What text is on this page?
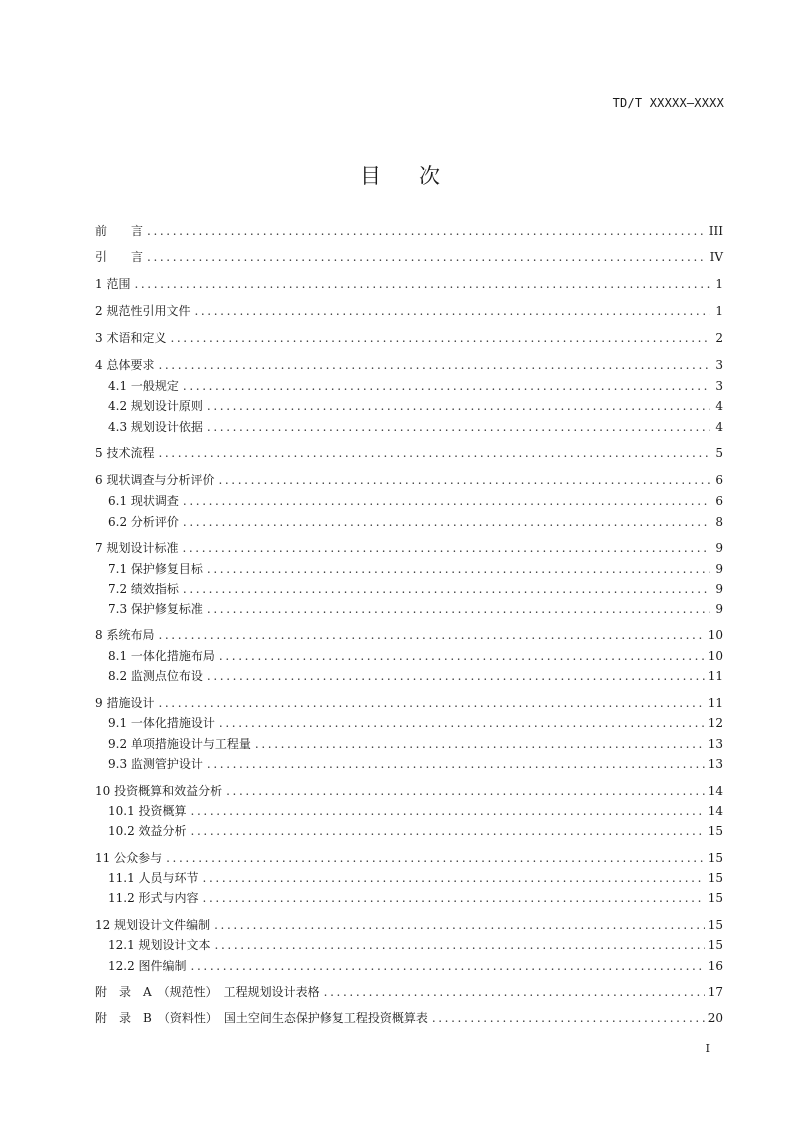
TD/T XXXXX—XXXX
目 次
前　　言 . . .	III
引　　言 . . .	IV
1 范围 . . .	1
2 规范性引用文件 . . .	1
3 术语和定义 . . .	2
4 总体要求 . . .	3
4.1 一般规定 . . .	3
4.2 规划设计原则 . . .	4
4.3 规划设计依据 . . .	4
5 技术流程 . . .	5
6 现状调查与分析评价 . . .	6
6.1 现状调查 . . .	6
6.2 分析评价 . . .	8
7 规划设计标准 . . .	9
7.1 保护修复目标 . . .	9
7.2 绩效指标 . . .	9
7.3 保护修复标准 . . .	9
8 系统布局 . . .	10
8.1 一体化措施布局 . . .	10
8.2 监测点位布设 . . .	11
9 措施设计 . . .	11
9.1 一体化措施设计 . . .	12
9.2 单项措施设计与工程量 . . .	13
9.3 监测管护设计 . . .	13
10 投资概算和效益分析 . . .	14
10.1 投资概算 . . .	14
10.2 效益分析 . . .	15
11 公众参与 . . .	15
11.1 人员与环节 . . .	15
11.2 形式与内容 . . .	15
12 规划设计文件编制 . . .	15
12.1 规划设计文本 . . .	15
12.2 图件编制 . . .	16
附　录　A　（规范性）　工程规划设计表格 . . .	17
附　录　B　（资料性）　国土空间生态保护修复工程投资概算表 . . .	20
I
